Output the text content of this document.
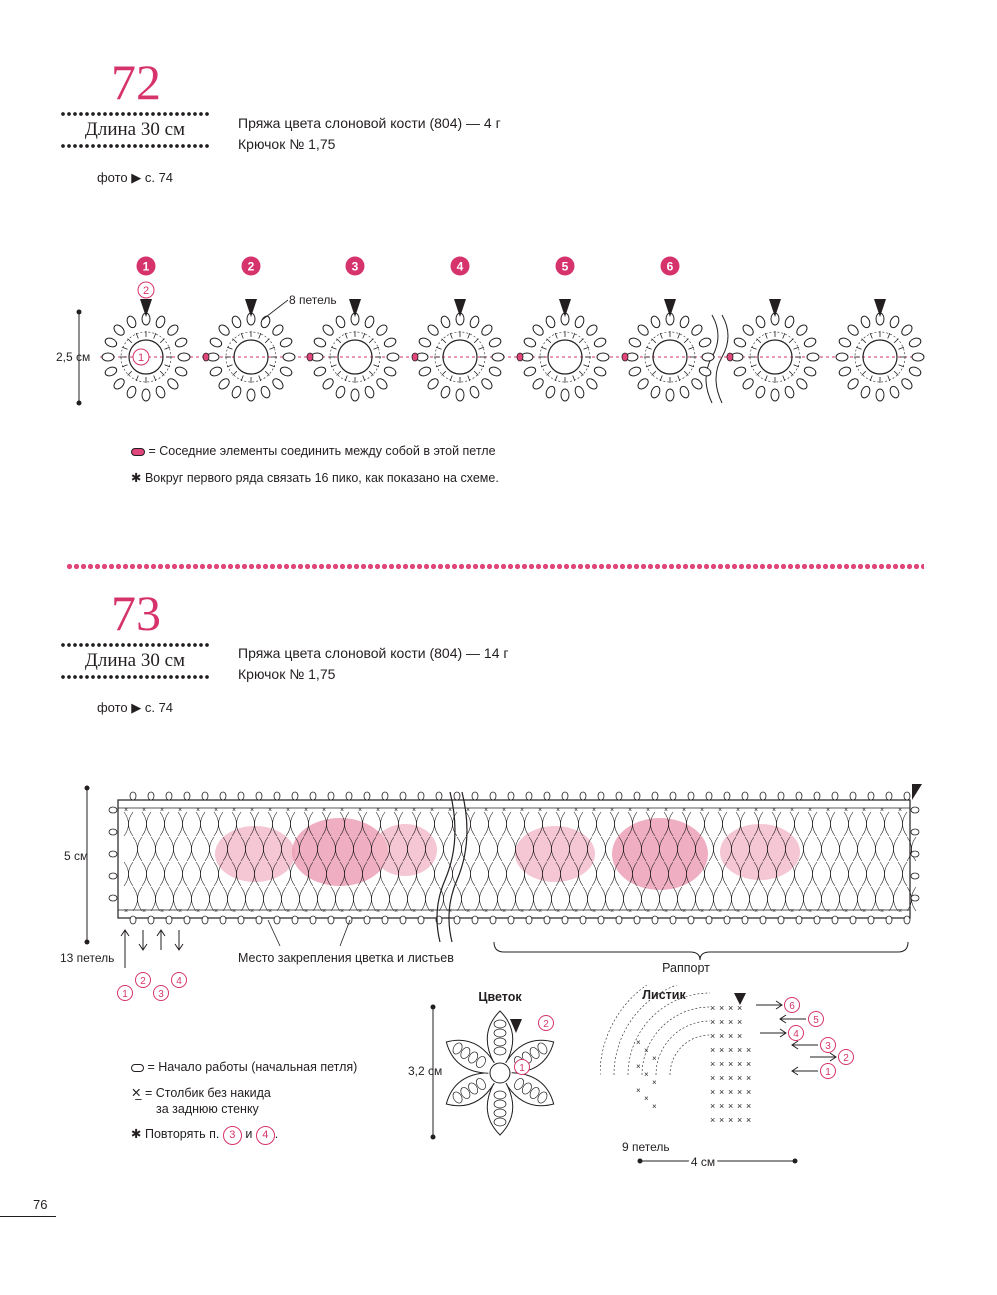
72
Длина 30 см
фото ▶ с. 74
Пряжа цвета слоновой кости (804) — 4 г
Крючок № 1,75
2,5 см
1	2	3	4	5	6
8 петель
2
1
= Соседние элементы соединить между собой в этой петле
✱ Вокруг первого ряда связать 16 пико, как показано на схеме.
73
Длина 30 см
фото ▶ с. 74
Пряжа цвета слоновой кости (804) — 14 г
Крючок № 1,75
×
×
×
×
×
×
×
×
×
×
×
×
×
×
×
×
×
×
×
×
×
×
×
×
×
×
×
×
×
×
×
×
×
×
×
×
×
×
×
×
×
×
×
×
×
×
×
×
×
×
×
×
×
×
×
×
×
×
×
×
×
×
×
×
×
×
×
×
×
×
×
×
×
×
×
×
×
×
×
×
×
×
×
×
×
×
×
×
5 см
Раппорт
Место закрепления цветка и листьев
13 петель
1
2
3
4
Цветок
3,2 см	1
2
Листик
× × × ×
×
× × × ×
×
× × × ×
×
× × × × ×
×	× × × × ×
×	× × × × ×
×
× × × × ×
×
× × × × ×
×
× × × × ×
×
1
2
3
4
5
6
9 петель
4 см
= Начало работы (начальная петля)
✕̲ = Столбик без накида
за заднюю стенку
✱ Повторять п. 3 и 4 .
76
